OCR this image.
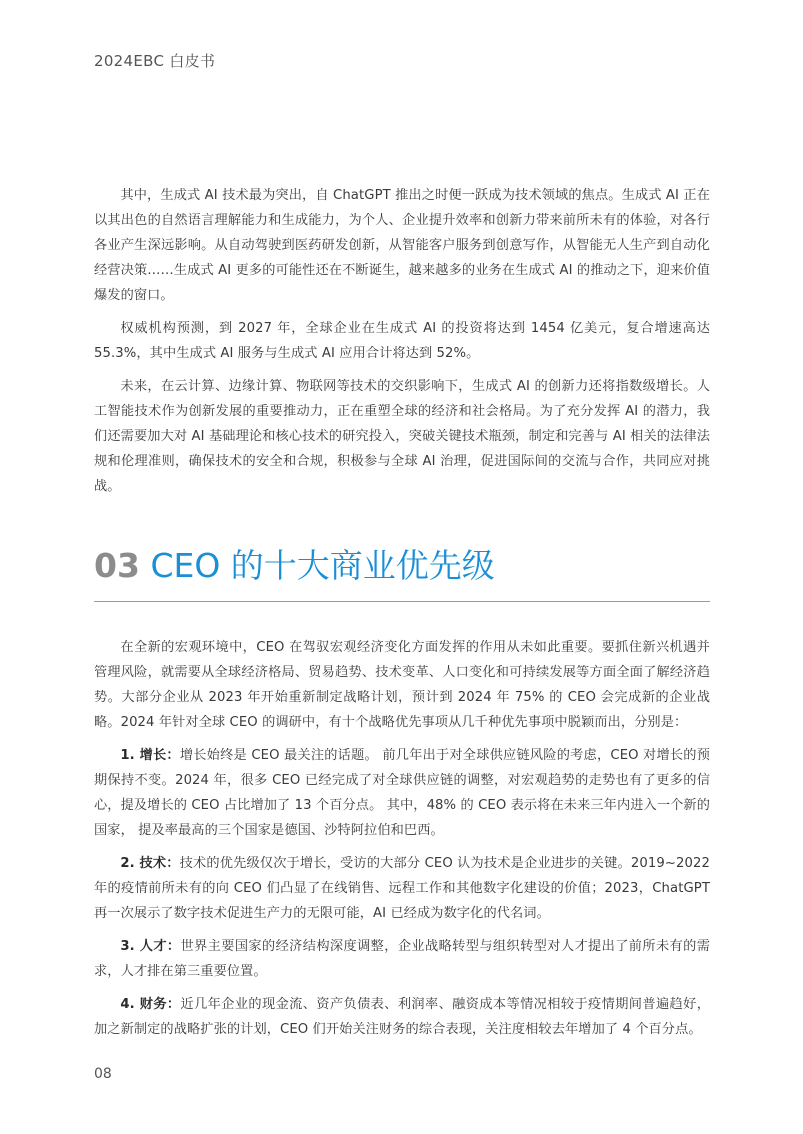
2024EBC 白皮书

其中，生成式 AI 技术最为突出，自 ChatGPT 推出之时便一跃成为技术领域的焦点。生成式 AI 正在以其出色的自然语言理解能力和生成能力，为个人、企业提升效率和创新力带来前所未有的体验，对各行各业产生深远影响。从自动驾驶到医药研发创新，从智能客户服务到创意写作，从智能无人生产到自动化经营决策……生成式 AI 更多的可能性还在不断诞生，越来越多的业务在生成式 AI 的推动之下，迎来价值爆发的窗口。

权威机构预测，到 2027 年，全球企业在生成式 AI 的投资将达到 1454 亿美元，复合增速高达 55.3%，其中生成式 AI 服务与生成式 AI 应用合计将达到 52%。

未来，在云计算、边缘计算、物联网等技术的交织影响下，生成式 AI 的创新力还将指数级增长。人工智能技术作为创新发展的重要推动力，正在重塑全球的经济和社会格局。为了充分发挥 AI 的潜力，我们还需要加大对 AI 基础理论和核心技术的研究投入，突破关键技术瓶颈，制定和完善与 AI 相关的法律法规和伦理准则，确保技术的安全和合规，积极参与全球 AI 治理，促进国际间的交流与合作，共同应对挑战。

03 CEO 的十大商业优先级

在全新的宏观环境中，CEO 在驾驭宏观经济变化方面发挥的作用从未如此重要。要抓住新兴机遇并管理风险，就需要从全球经济格局、贸易趋势、技术变革、人口变化和可持续发展等方面全面了解经济趋势。大部分企业从 2023 年开始重新制定战略计划，预计到 2024 年 75% 的 CEO 会完成新的企业战略。2024 年针对全球 CEO 的调研中，有十个战略优先事项从几千种优先事项中脱颖而出，分别是：

1. 增长：增长始终是 CEO 最关注的话题。 前几年出于对全球供应链风险的考虑，CEO 对增长的预期保持不变。2024 年，很多 CEO 已经完成了对全球供应链的调整，对宏观趋势的走势也有了更多的信心，提及增长的 CEO 占比增加了 13 个百分点。 其中，48% 的 CEO 表示将在未来三年内进入一个新的国家， 提及率最高的三个国家是德国、沙特阿拉伯和巴西。

2. 技术：技术的优先级仅次于增长，受访的大部分 CEO 认为技术是企业进步的关键。2019~2022 年的疫情前所未有的向 CEO 们凸显了在线销售、远程工作和其他数字化建设的价值；2023，ChatGPT 再一次展示了数字技术促进生产力的无限可能，AI 已经成为数字化的代名词。

3. 人才：世界主要国家的经济结构深度调整，企业战略转型与组织转型对人才提出了前所未有的需求，人才排在第三重要位置。

4. 财务：近几年企业的现金流、资产负债表、利润率、融资成本等情况相较于疫情期间普遍趋好，加之新制定的战略扩张的计划，CEO 们开始关注财务的综合表现，关注度相较去年增加了 4 个百分点。

08
